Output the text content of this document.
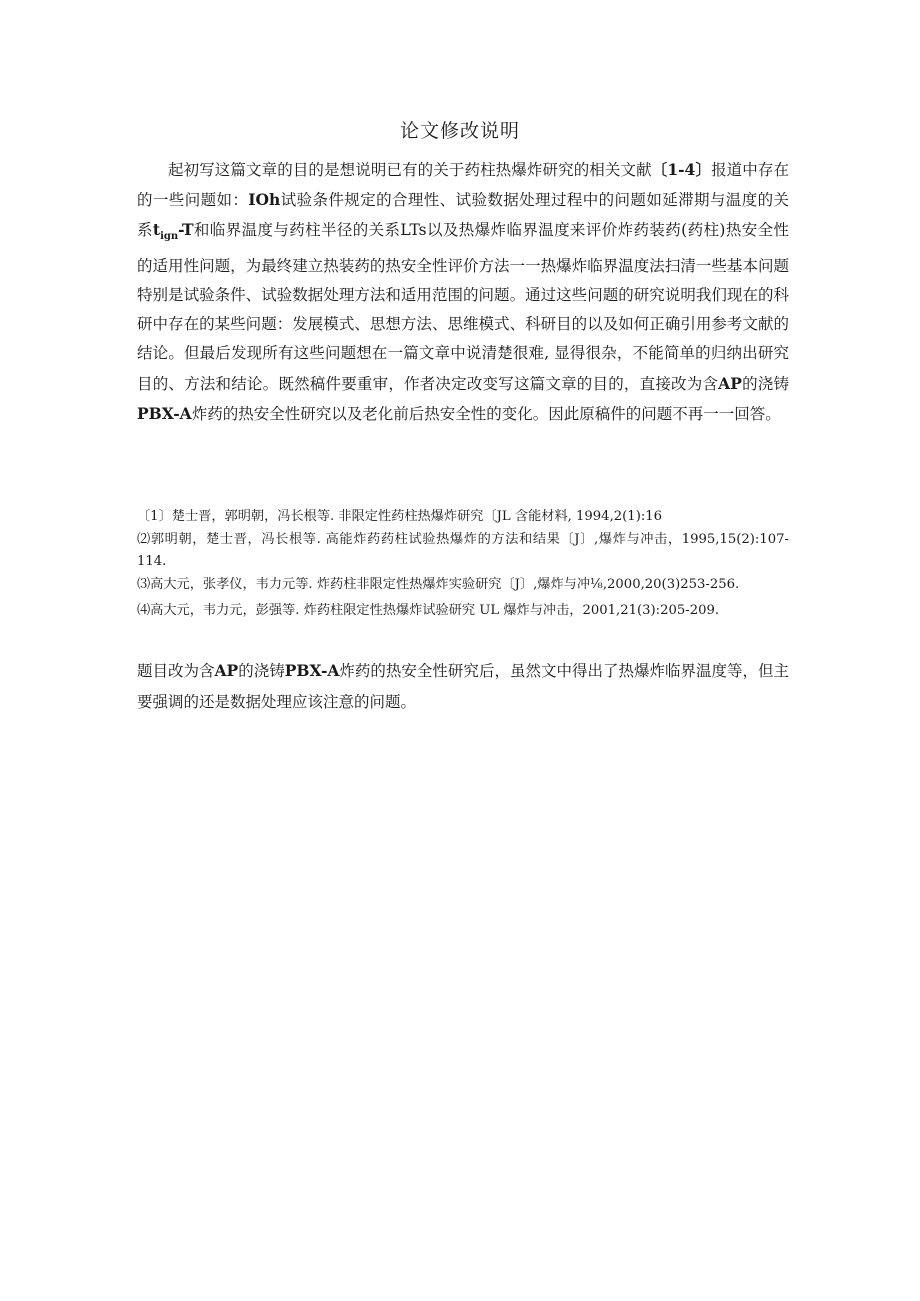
论文修改说明

起初写这篇文章的目的是想说明已有的关于药柱热爆炸研究的相关文献〔1-4〕报道中存在的一些问题如：IOh试验条件规定的合理性、试验数据处理过程中的问题如延滞期与温度的关系$t_{ign}-T$和临界温度与药柱半径的关系LTs以及热爆炸临界温度来评价炸药装药(药柱)热安全性的适用性问题，为最终建立热装药的热安全性评价方法一一热爆炸临界温度法扫清一些基本问题特别是试验条件、试验数据处理方法和适用范围的问题。通过这些问题的研究说明我们现在的科研中存在的某些问题：发展模式、思想方法、思维模式、科研目的以及如何正确引用参考文献的结论。但最后发现所有这些问题想在一篇文章中说清楚很难, 显得很杂，不能简单的归纳出研究目的、方法和结论。既然稿件要重审，作者决定改变写这篇文章的目的，直接改为含AP的浇铸PBX-A炸药的热安全性研究以及老化前后热安全性的变化。因此原稿件的问题不再一一回答。

〔1〕楚士晋，郭明朝，冯长根等. 非限定性药柱热爆炸研究〔JL 含能材料, 1994,2(1):16
⑵郭明朝，楚士晋，冯长根等. 高能炸药药柱试验热爆炸的方法和结果〔J〕,爆炸与冲击，1995,15(2):107-114.
⑶高大元，张孝仪，韦力元等. 炸药柱非限定性热爆炸实验研究〔J〕,爆炸与冲⅛,2000,20(3)253-256.
⑷高大元，韦力元，彭强等. 炸药柱限定性热爆炸试验研究 UL 爆炸与冲击，2001,21(3):205-209.

题目改为含AP的浇铸PBX-A炸药的热安全性研究后，虽然文中得出了热爆炸临界温度等，但主要强调的还是数据处理应该注意的问题。
